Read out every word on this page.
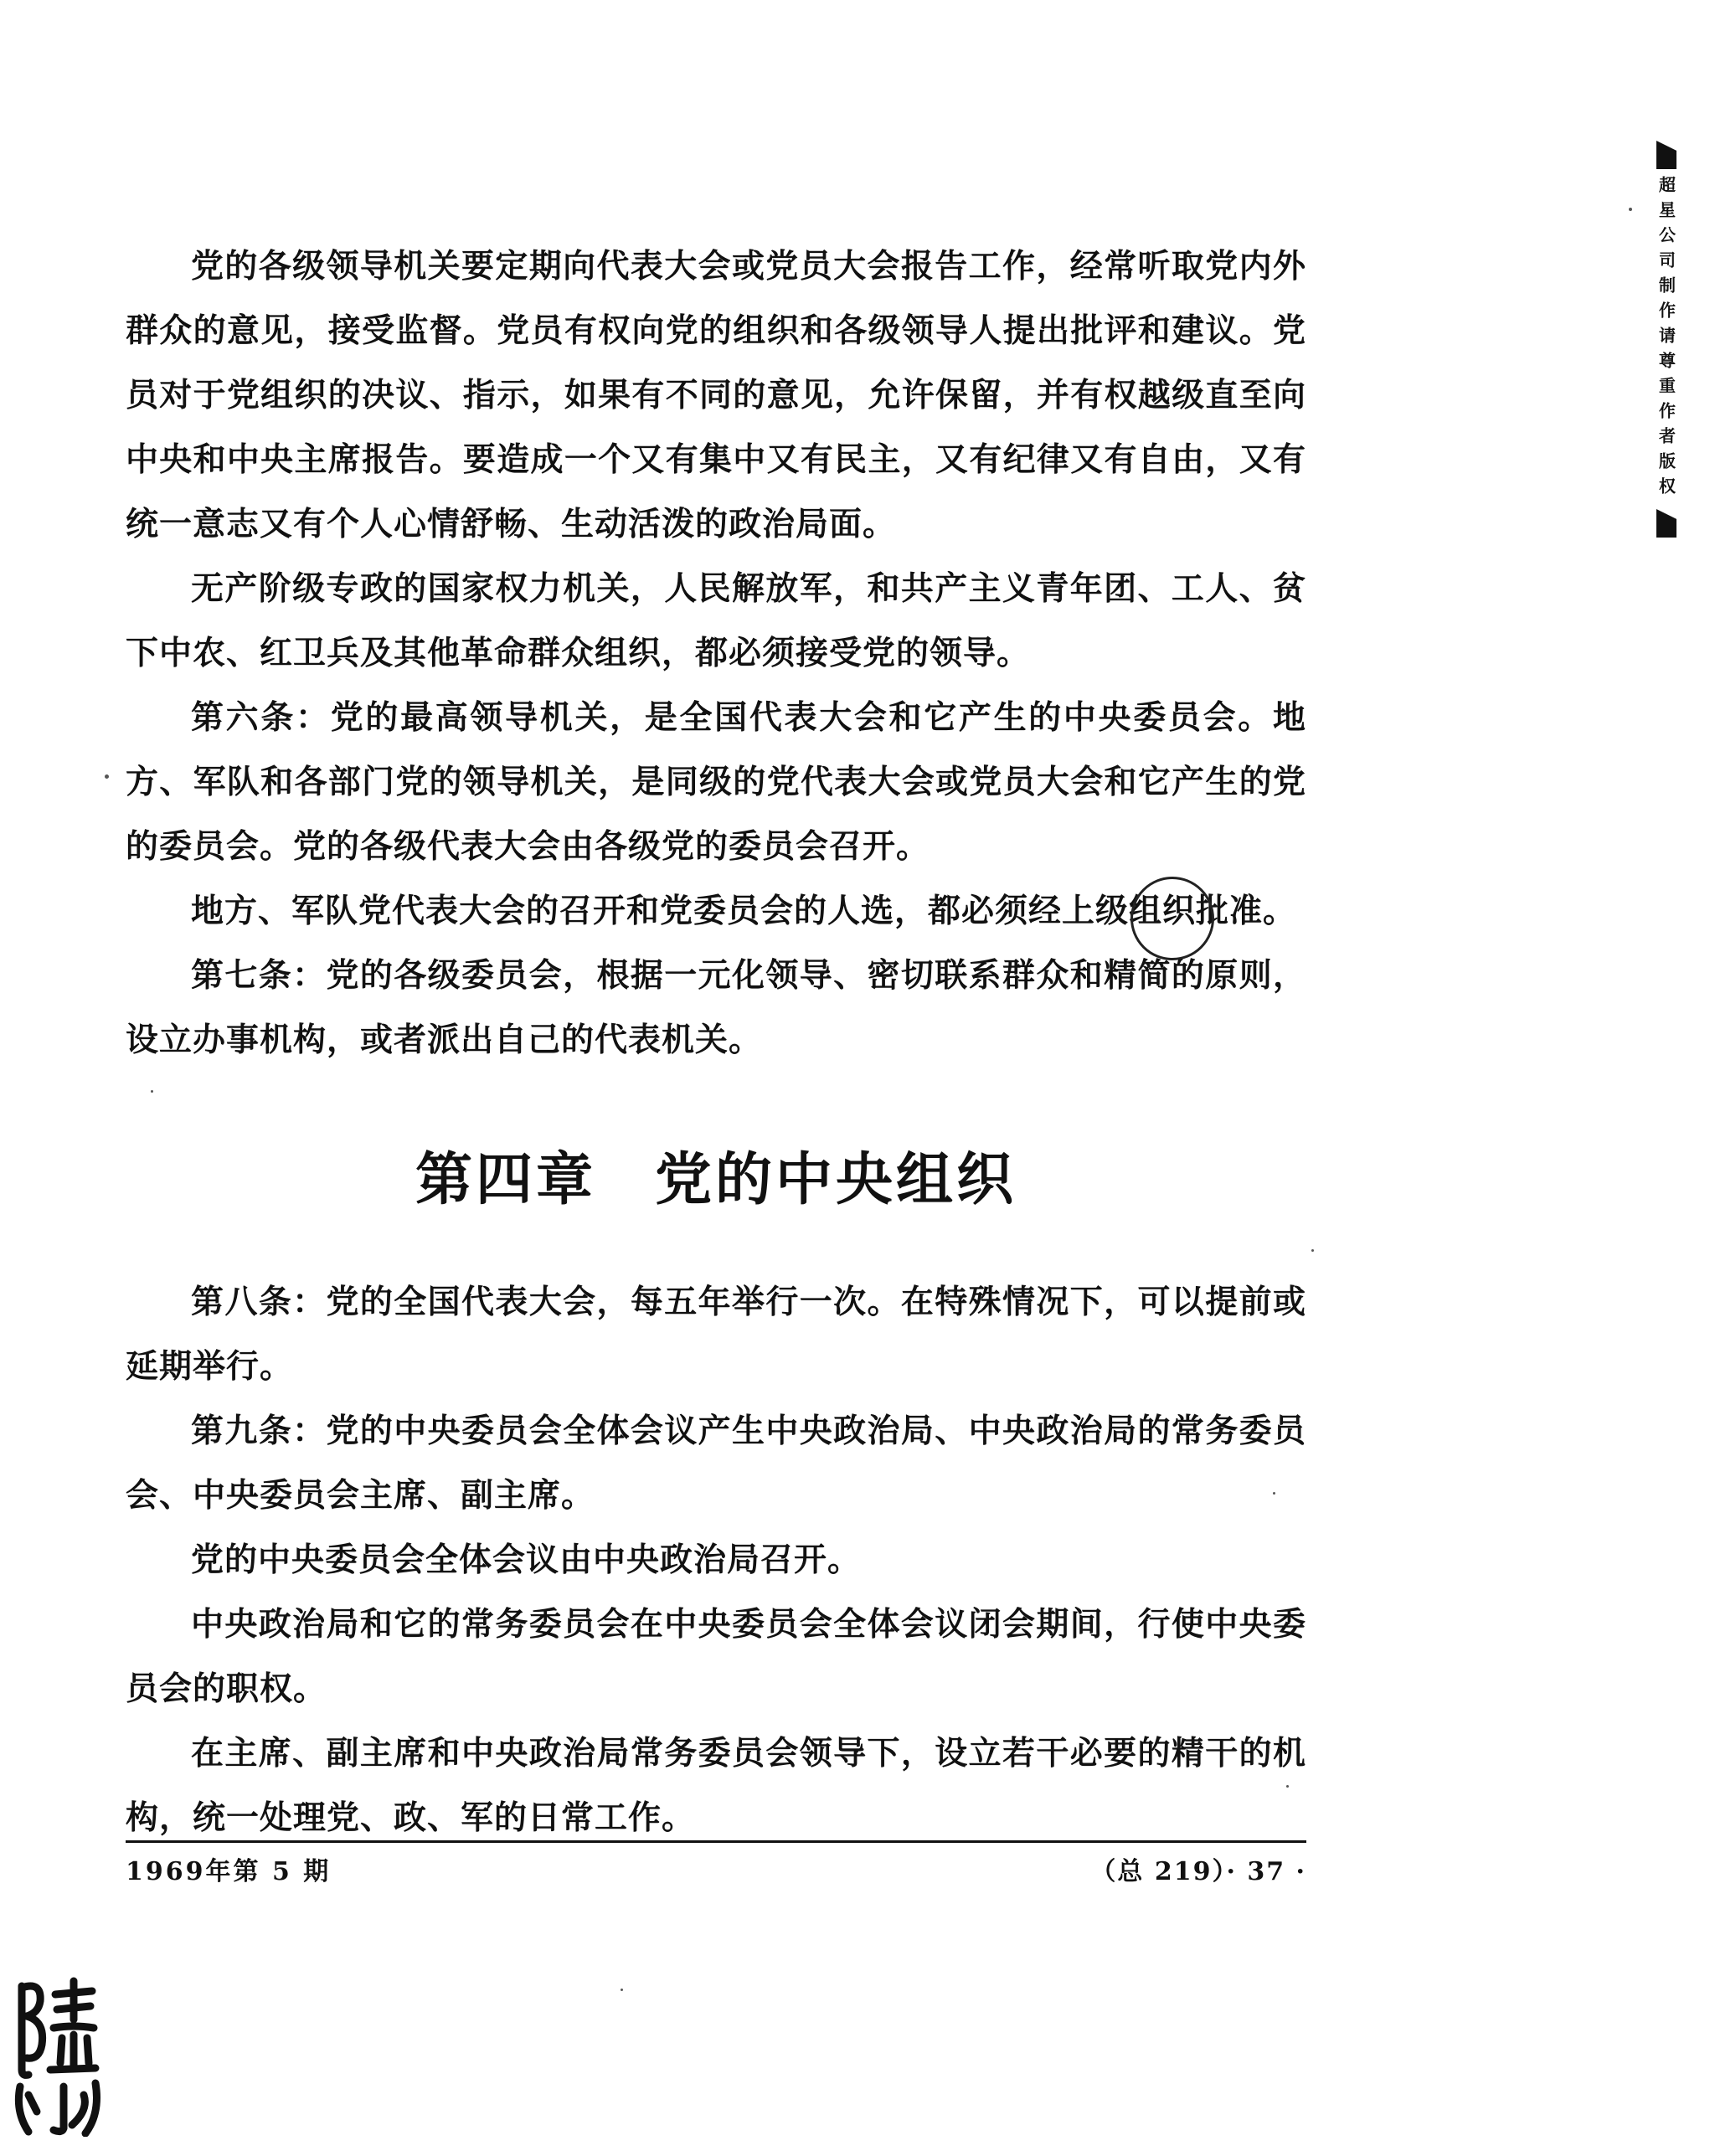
超星公司制作请尊重作者版权

党的各级领导机关要定期向代表大会或党员大会报告工作，经常听取党内外群众的意见，接受监督。党员有权向党的组织和各级领导人提出批评和建议。党员对于党组织的决议、指示，如果有不同的意见，允许保留，并有权越级直至向中央和中央主席报告。要造成一个又有集中又有民主，又有纪律又有自由，又有统一意志又有个人心情舒畅、生动活泼的政治局面。

无产阶级专政的国家权力机关，人民解放军，和共产主义青年团、工人、贫下中农、红卫兵及其他革命群众组织，都必须接受党的领导。

第六条：党的最高领导机关，是全国代表大会和它产生的中央委员会。地方、军队和各部门党的领导机关，是同级的党代表大会或党员大会和它产生的党的委员会。党的各级代表大会由各级党的委员会召开。

地方、军队党代表大会的召开和党委员会的人选，都必须经上级组织批准。

第七条：党的各级委员会，根据一元化领导、密切联系群众和精简的原则，设立办事机构，或者派出自己的代表机关。

第四章 党的中央组织

第八条：党的全国代表大会，每五年举行一次。在特殊情况下，可以提前或延期举行。

第九条：党的中央委员会全体会议产生中央政治局、中央政治局的常务委员会、中央委员会主席、副主席。

党的中央委员会全体会议由中央政治局召开。

中央政治局和它的常务委员会在中央委员会全体会议闭会期间，行使中央委员会的职权。

在主席、副主席和中央政治局常务委员会领导下，设立若干必要的精干的机构，统一处理党、政、军的日常工作。

1969年第 5 期	（总 219）· 37 ·
